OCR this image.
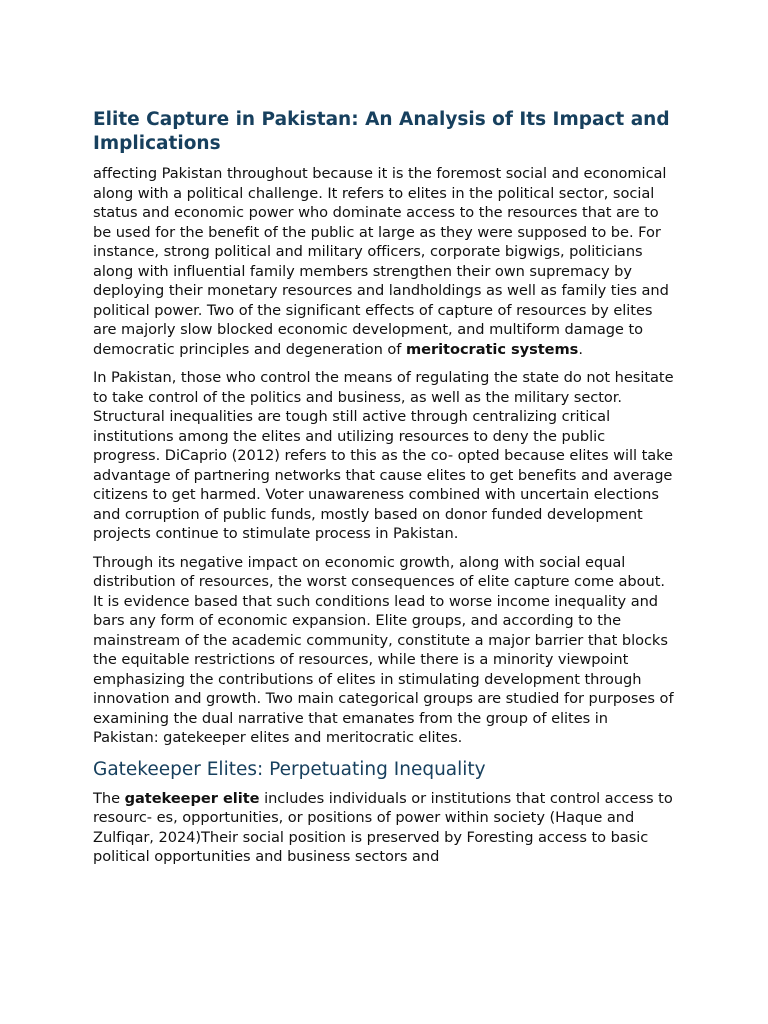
Elite Capture in Pakistan: An Analysis of Its Impact and Implications

affecting Pakistan throughout because it is the foremost social and economical along with a political challenge. It refers to elites in the political sector, social status and economic power who dominate access to the resources that are to be used for the benefit of the public at large as they were supposed to be. For instance, strong political and military officers, corporate bigwigs, politicians along with influential family members strengthen their own supremacy by deploying their monetary resources and landholdings as well as family ties and political power. Two of the significant effects of capture of resources by elites are majorly slow blocked economic development, and multiform damage to democratic principles and degeneration of meritocratic systems.

In Pakistan, those who control the means of regulating the state do not hesitate to take control of the politics and business, as well as the military sector. Structural inequalities are tough still active through centralizing critical institutions among the elites and utilizing resources to deny the public progress. DiCaprio (2012) refers to this as the co- opted because elites will take advantage of partnering networks that cause elites to get benefits and average citizens to get harmed. Voter unawareness combined with uncertain elections and corruption of public funds, mostly based on donor funded development projects continue to stimulate process in Pakistan.

Through its negative impact on economic growth, along with social equal distribution of resources, the worst consequences of elite capture come about. It is evidence based that such conditions lead to worse income inequality and bars any form of economic expansion. Elite groups, and according to the mainstream of the academic community, constitute a major barrier that blocks the equitable restrictions of resources, while there is a minority viewpoint emphasizing the contributions of elites in stimulating development through innovation and growth. Two main categorical groups are studied for purposes of examining the dual narrative that emanates from the group of elites in Pakistan: gatekeeper elites and meritocratic elites.

Gatekeeper Elites: Perpetuating Inequality

The gatekeeper elite includes individuals or institutions that control access to resourc- es, opportunities, or positions of power within society (Haque and Zulfiqar, 2024)Their social position is preserved by Foresting access to basic political opportunities and business sectors and
